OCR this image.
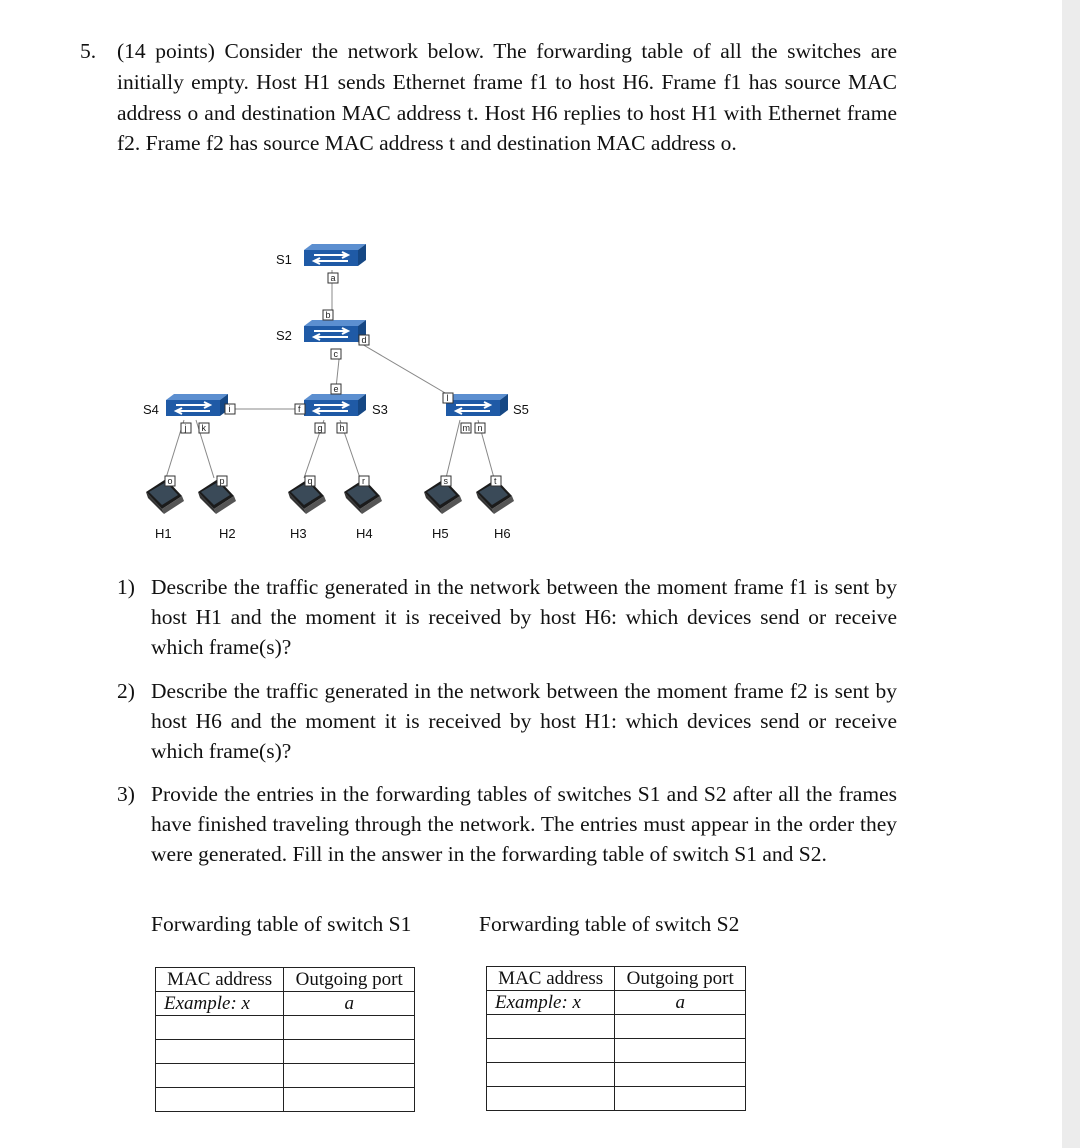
5. (14 points) Consider the network below. The forwarding table of all the switches are initially empty. Host H1 sends Ethernet frame f1 to host H6. Frame f1 has source MAC address o and destination MAC address t. Host H6 replies to host H1 with Ethernet frame f2. Frame f2 has source MAC address t and destination MAC address o.
S1
S2
S3
S4	S5
a
b
c
d
e
f
g h
i
j k
l
m n
o	p	q	r	s	t
H1	H2	H3	H4	H5	H6
1) Describe the traffic generated in the network between the moment frame f1 is sent by host H1 and the moment it is received by host H6: which devices send or receive which frame(s)?
2) Describe the traffic generated in the network between the moment frame f2 is sent by host H6 and the moment it is received by host H1: which devices send or receive which frame(s)?
3) Provide the entries in the forwarding tables of switches S1 and S2 after all the frames have finished traveling through the network. The entries must appear in the order they were generated. Fill in the answer in the forwarding table of switch S1 and S2.
Forwarding table of switch S1	Forwarding table of switch S2
MAC address	Outgoing port
Example: x	a

MAC address	Outgoing port
Example: x	a
